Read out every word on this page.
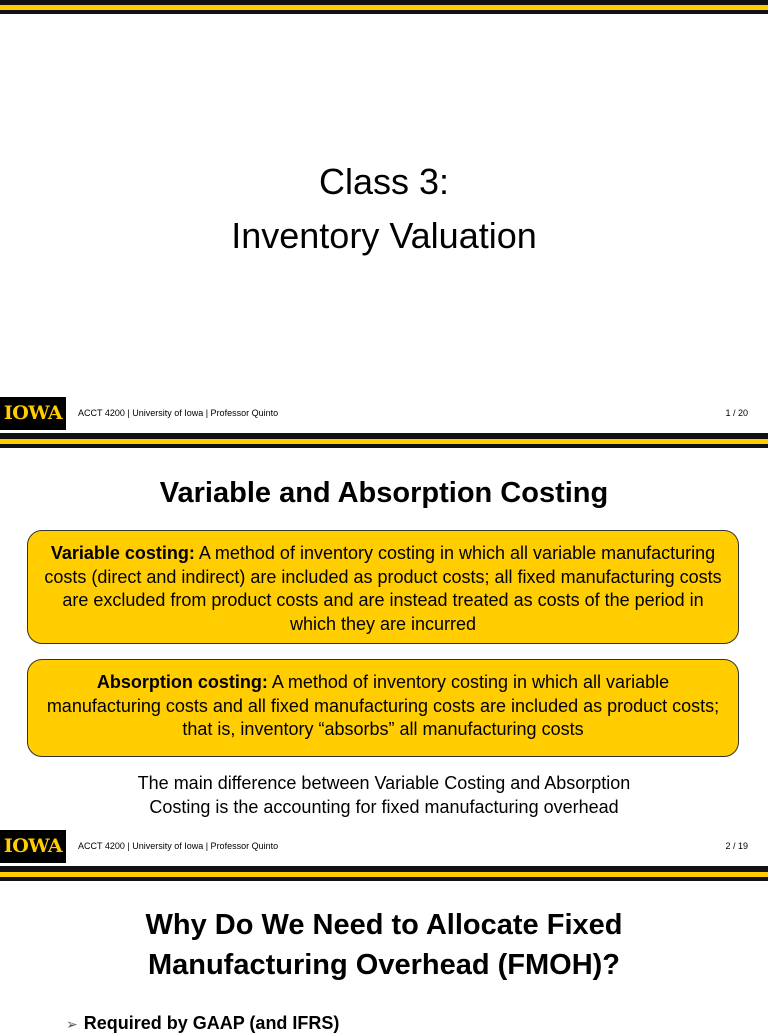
Class 3:
Inventory Valuation
IOWA	ACCT 4200 | University of Iowa | Professor Quinto	1 / 20
Variable and Absorption Costing
Variable costing: A method of inventory costing in which all variable manufacturing costs (direct and indirect) are included as product costs; all fixed manufacturing costs are excluded from product costs and are instead treated as costs of the period in which they are incurred
Absorption costing: A method of inventory costing in which all variable manufacturing costs and all fixed manufacturing costs are included as product costs; that is, inventory “absorbs” all manufacturing costs
The main difference between Variable Costing and Absorption
Costing is the accounting for fixed manufacturing overhead
IOWA	ACCT 4200 | University of Iowa | Professor Quinto	2 / 19
Why Do We Need to Allocate Fixed
Manufacturing Overhead (FMOH)?
➢ Required by GAAP (and IFRS)
